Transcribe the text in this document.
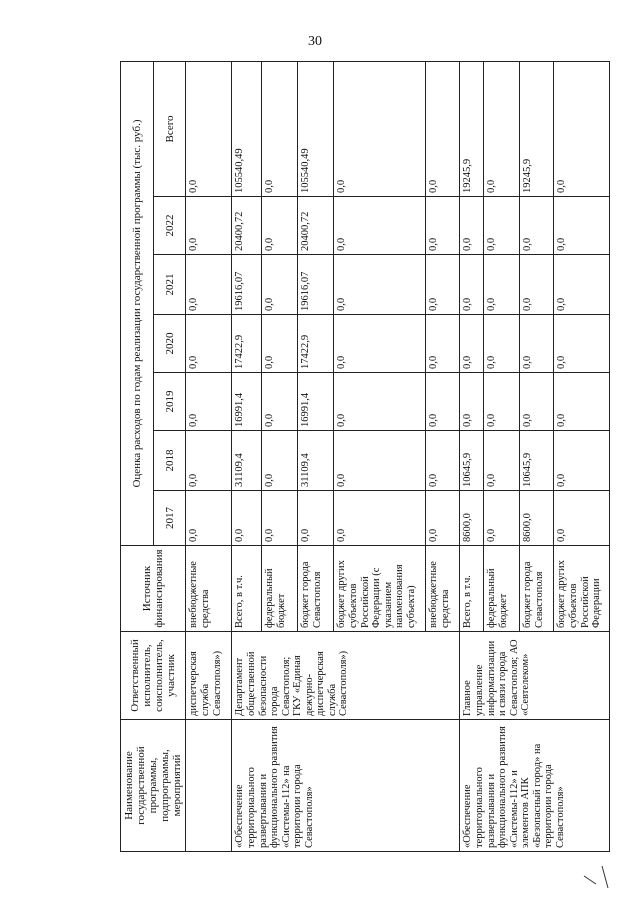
30
Наименование государственной программы, подпрограммы, мероприятий	Ответственный исполнитель, соисполнитель, участник	Источник финансирования	Оценка расходов по годам реализации государственной программы (тыс. руб.)						
			2017	2018	2019	2020	2021	2022	Всего
	диспетчерская служба Севастополя»)	внебюджетные средства	0,0	0,0	0,0	0,0	0,0	0,0	0,0
«Обеспечение территориального развертывания и функционального развития «Системы-112» на территории города Севастополя»	Департамент общественной безопасности города Севастополя; ГКУ «Единая дежурно-диспетчерская служба Севастополя»)	Всего, в т.ч.	0,0	31109,4	16991,4	17422,9	19616,07	20400,72	105540,49
		федеральный бюджет	0,0	0,0	0,0	0,0	0,0	0,0	0,0
		бюджет города Севастополя	0,0	31109,4	16991,4	17422,9	19616,07	20400,72	105540,49
		бюджет других субъектов Российской Федерации (с указанием наименования субъекта)	0,0	0,0	0,0	0,0	0,0	0,0	0,0
		внебюджетные средства	0,0	0,0	0,0	0,0	0,0	0,0	0,0
«Обеспечение территориального развертывания и функционального развития «Системы-112» и элементов АПК «Безопасный город» на территории города Севастополя»	Главное управление информатизации и связи города Севастополя; АО «Севтелеком»	Всего, в т.ч.	8600,0	10645,9	0,0	0,0	0,0	0,0	19245,9
		федеральный бюджет	0,0	0,0	0,0	0,0	0,0	0,0	0,0
		бюджет города Севастополя	8600,0	10645,9	0,0	0,0	0,0	0,0	19245,9
		бюджет других субъектов Российской Федерации	0,0	0,0	0,0	0,0	0,0	0,0	0,0
